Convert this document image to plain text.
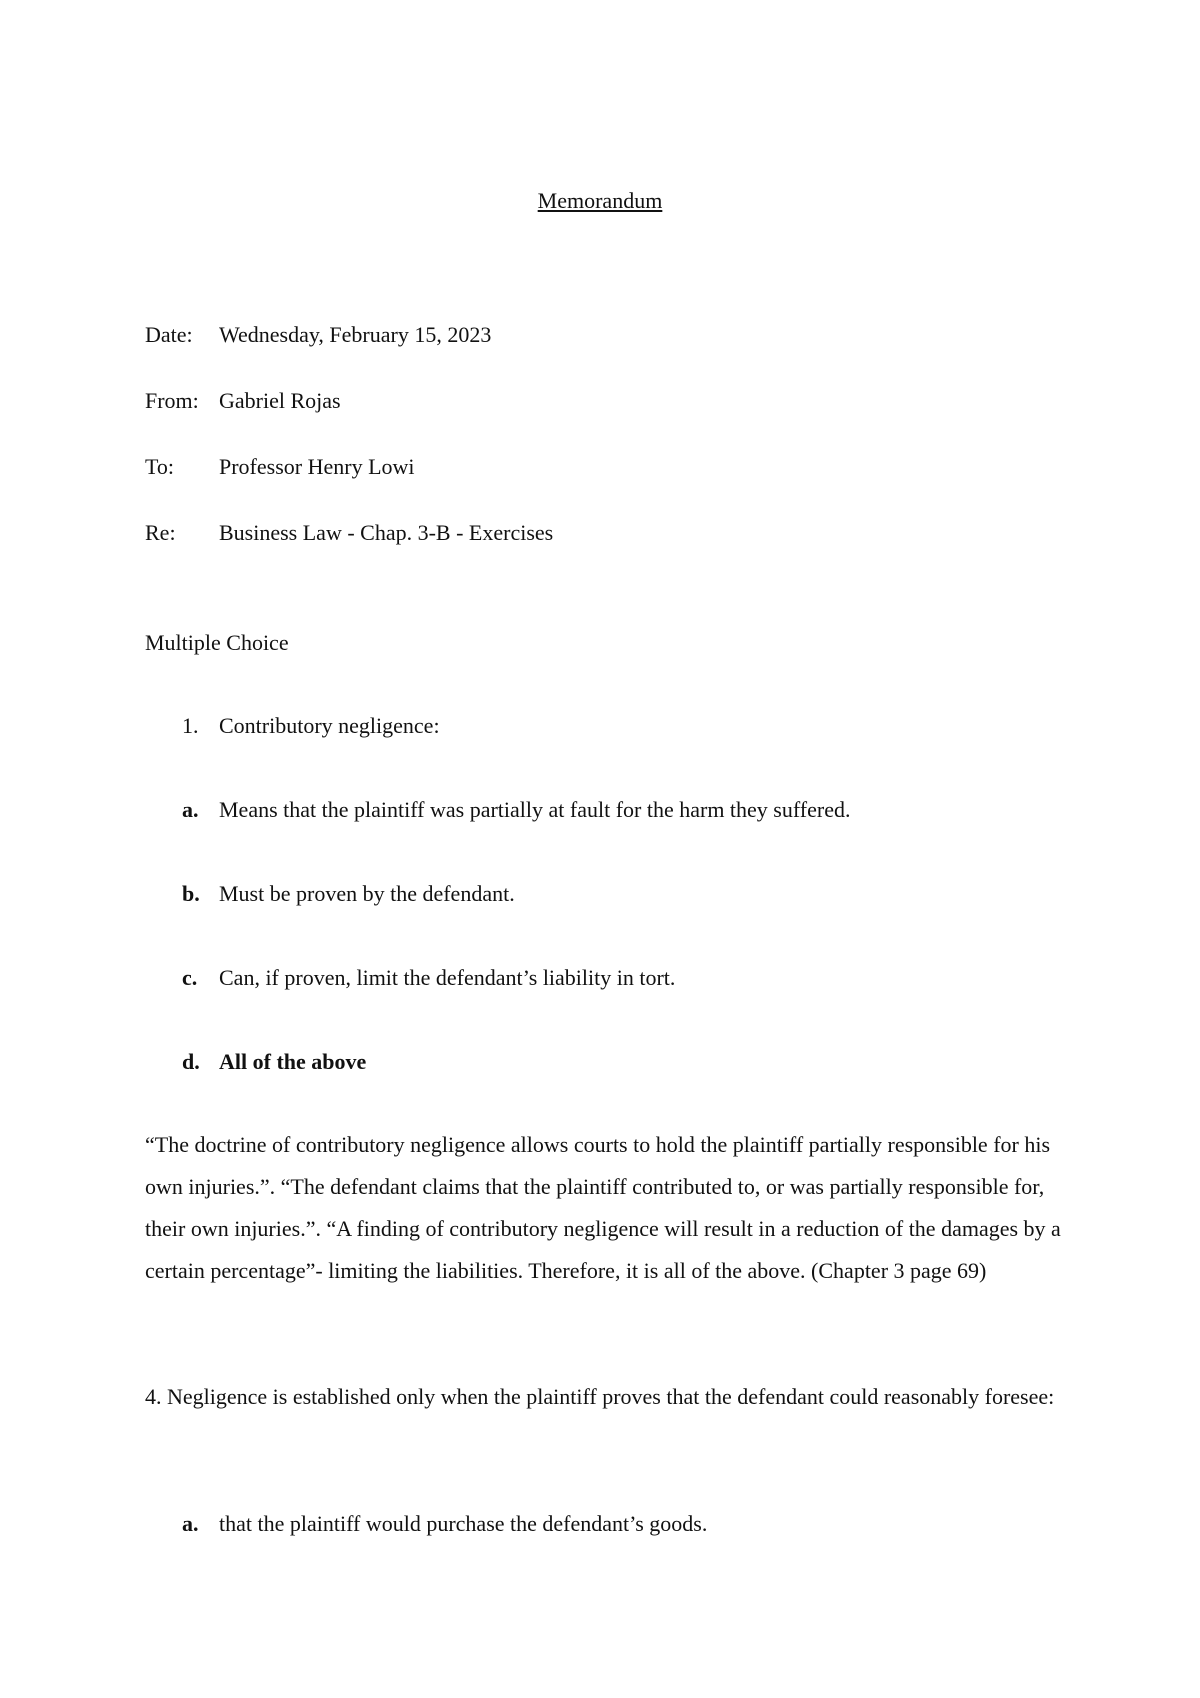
Memorandum
Date: Wednesday, February 15, 2023
From: Gabriel Rojas
To: Professor Henry Lowi
Re: Business Law - Chap. 3-B - Exercises
Multiple Choice
1. Contributory negligence:
a. Means that the plaintiff was partially at fault for the harm they suffered.
b. Must be proven by the defendant.
c. Can, if proven, limit the defendant’s liability in tort.
d. All of the above
“The doctrine of contributory negligence allows courts to hold the plaintiff partially responsible for his own injuries.”. “The defendant claims that the plaintiff contributed to, or was partially responsible for, their own injuries.”. “A finding of contributory negligence will result in a reduction of the damages by a certain percentage”- limiting the liabilities. Therefore, it is all of the above. (Chapter 3 page 69)
4. Negligence is established only when the plaintiff proves that the defendant could reasonably foresee:
a. that the plaintiff would purchase the defendant’s goods.
